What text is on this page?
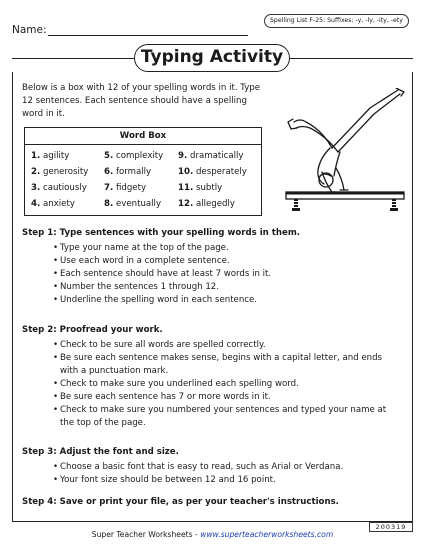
Name:
Spelling List F-25: Suffixes: -y, -ly, -ity, -ety
Typing Activity
Below is a box with 12 of your spelling words in it. Type 12 sentences. Each sentence should have a spelling word in it.
Word Box
1. agility
2. generosity
3. cautiously
4. anxiety
5. complexity
6. formally
7. fidgety
8. eventually
9. dramatically
10. desperately
11. subtly
12. allegedly
Step 1: Type sentences with your spelling words in them.
• Type your name at the top of the page.
• Use each word in a complete sentence.
• Each sentence should have at least 7 words in it.
• Number the sentences 1 through 12.
• Underline the spelling word in each sentence.
Step 2: Proofread your work.
• Check to be sure all words are spelled correctly.
• Be sure each sentence makes sense, begins with a capital letter, and ends with a punctuation mark.
• Check to make sure you underlined each spelling word.
• Be sure each sentence has 7 or more words in it.
• Check to make sure you numbered your sentences and typed your name at the top of the page.
Step 3: Adjust the font and size.
• Choose a basic font that is easy to read, such as Arial or Verdana.
• Your font size should be between 12 and 16 point.
Step 4: Save or print your file, as per your teacher's instructions.
Super Teacher Worksheets - www.superteacherworksheets.com
200319
